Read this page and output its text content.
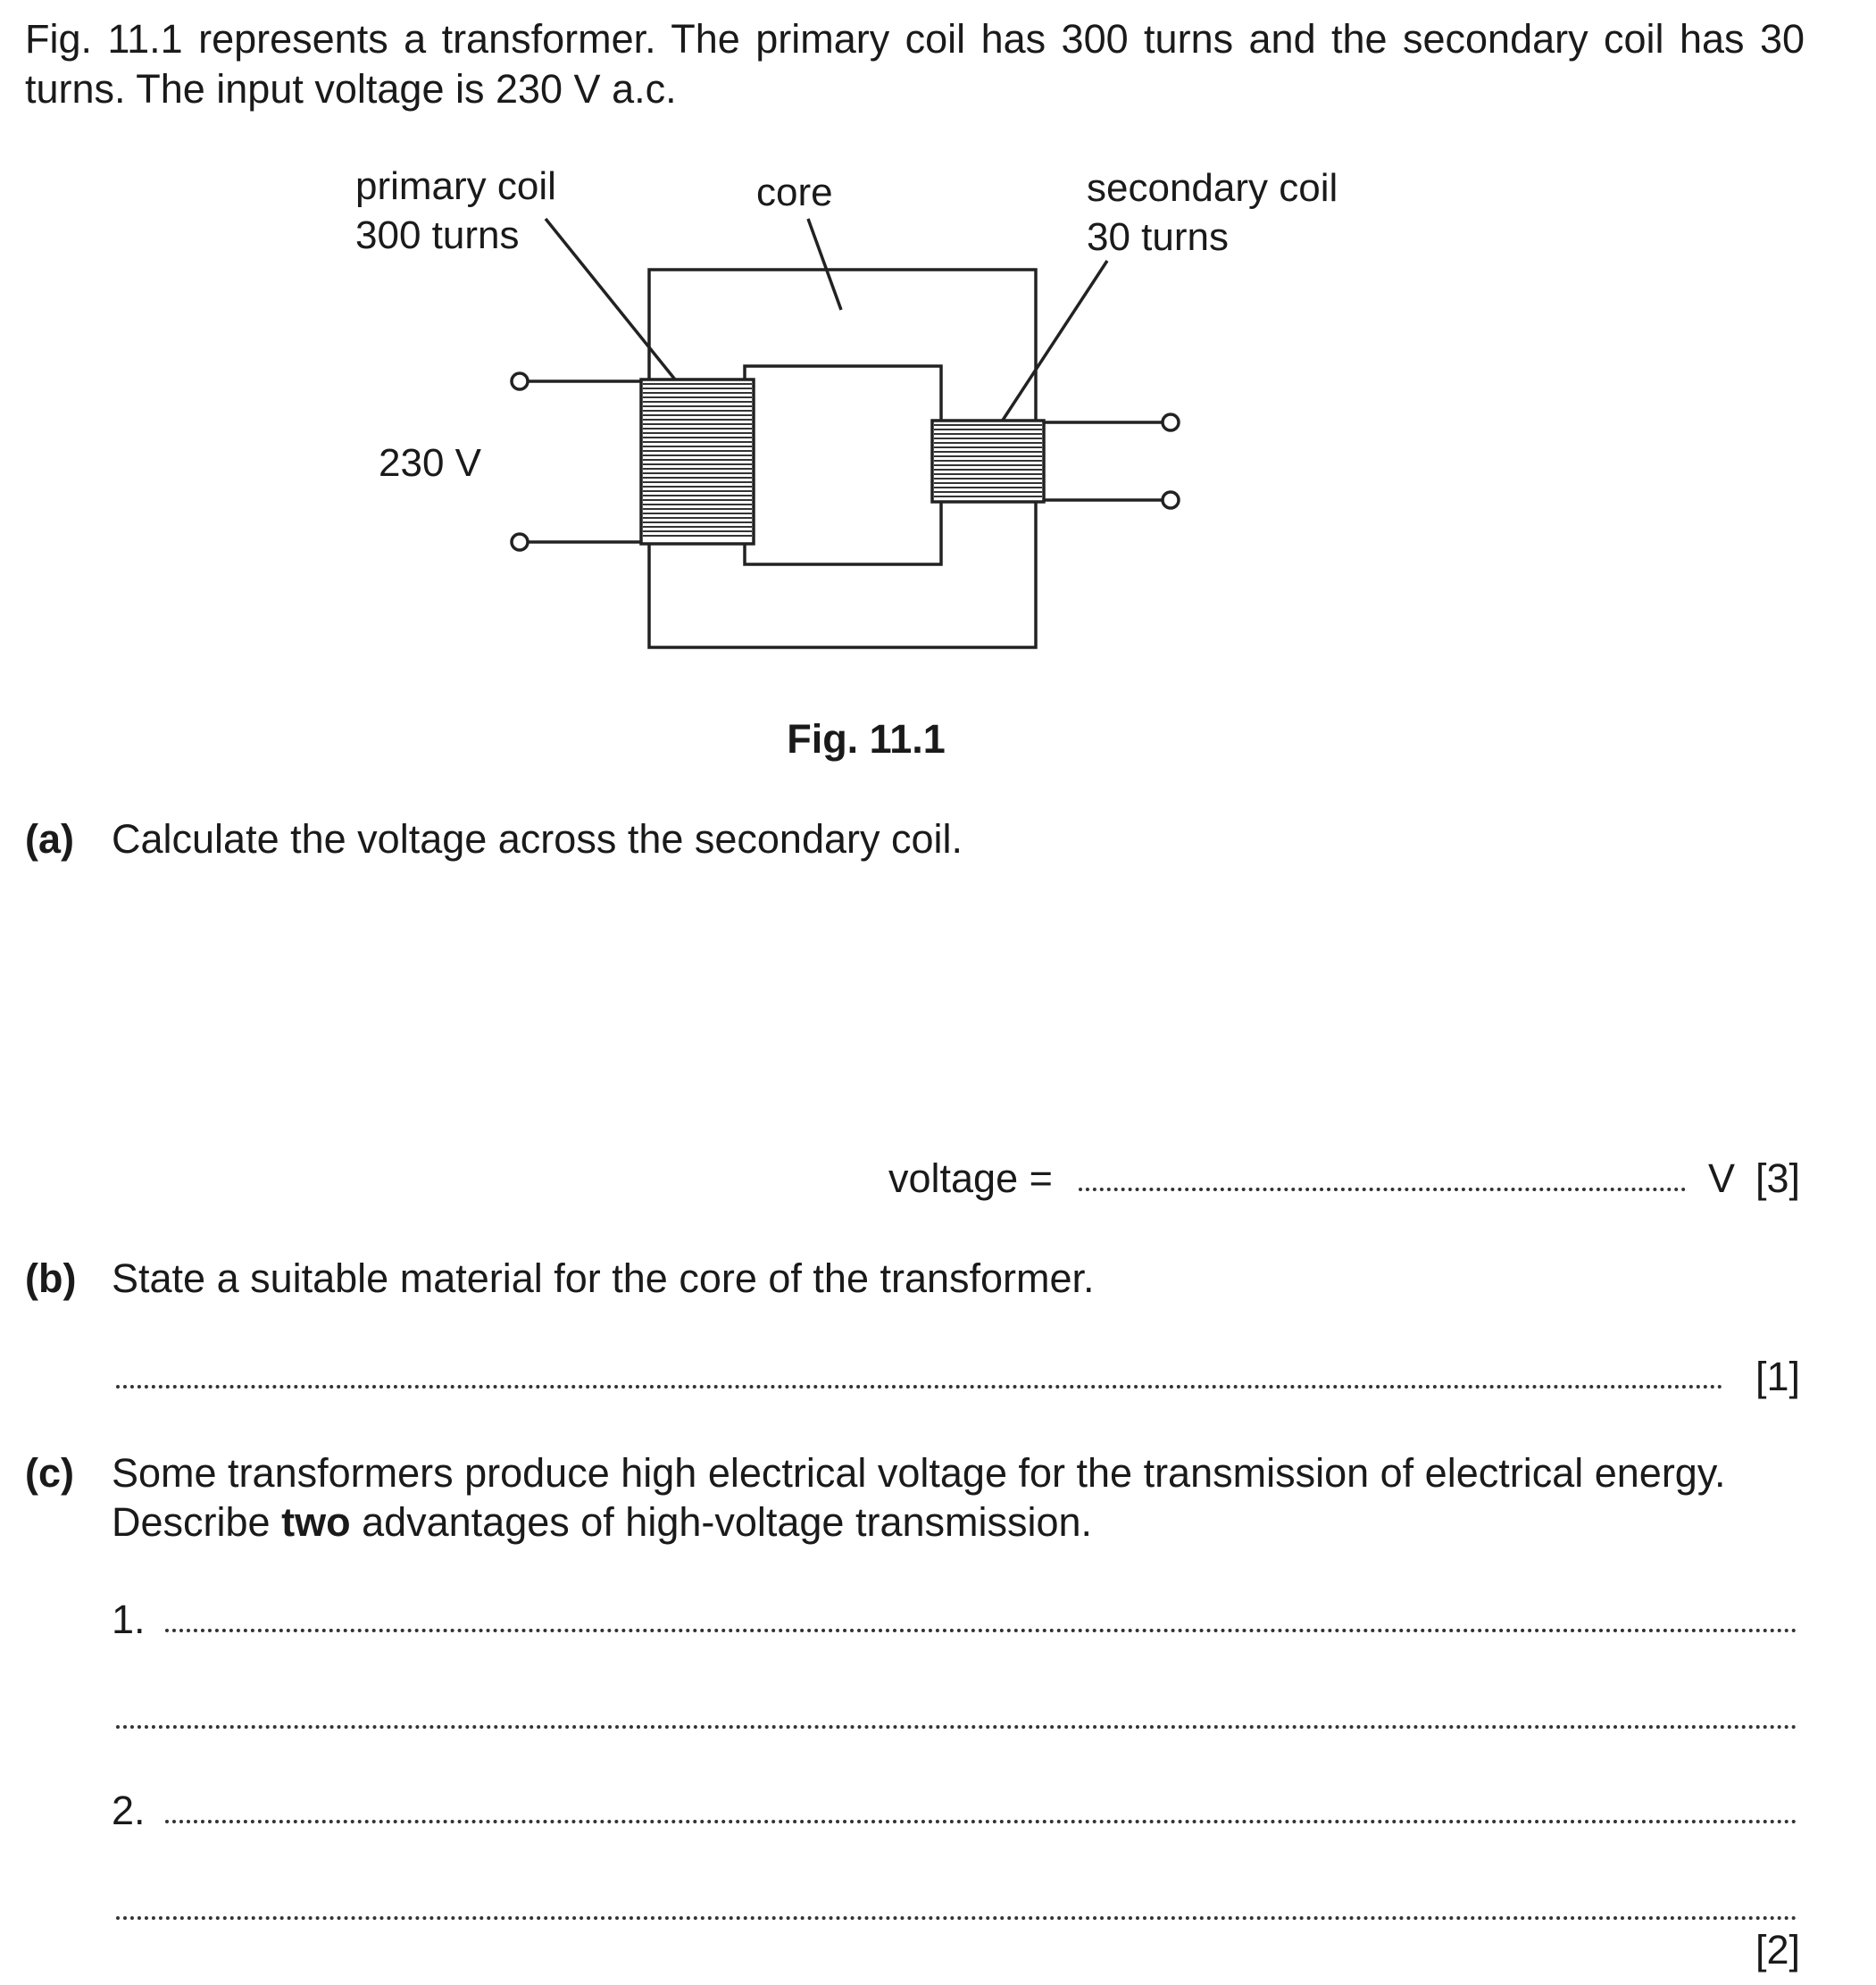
Fig. 11.1 represents a transformer. The primary coil has 300 turns and the secondary coil has 30 turns. The input voltage is 230 V a.c.
primary coil
300 turns
core	secondary coil
30 turns
230 V
Fig. 11.1
(a) Calculate the voltage across the secondary coil.
voltage =	V [3]
(b) State a suitable material for the core of the transformer.
[1]
(c) Some transformers produce high electrical voltage for the transmission of electrical energy.
Describe two advantages of high-voltage transmission.
1.
2.
[2]
